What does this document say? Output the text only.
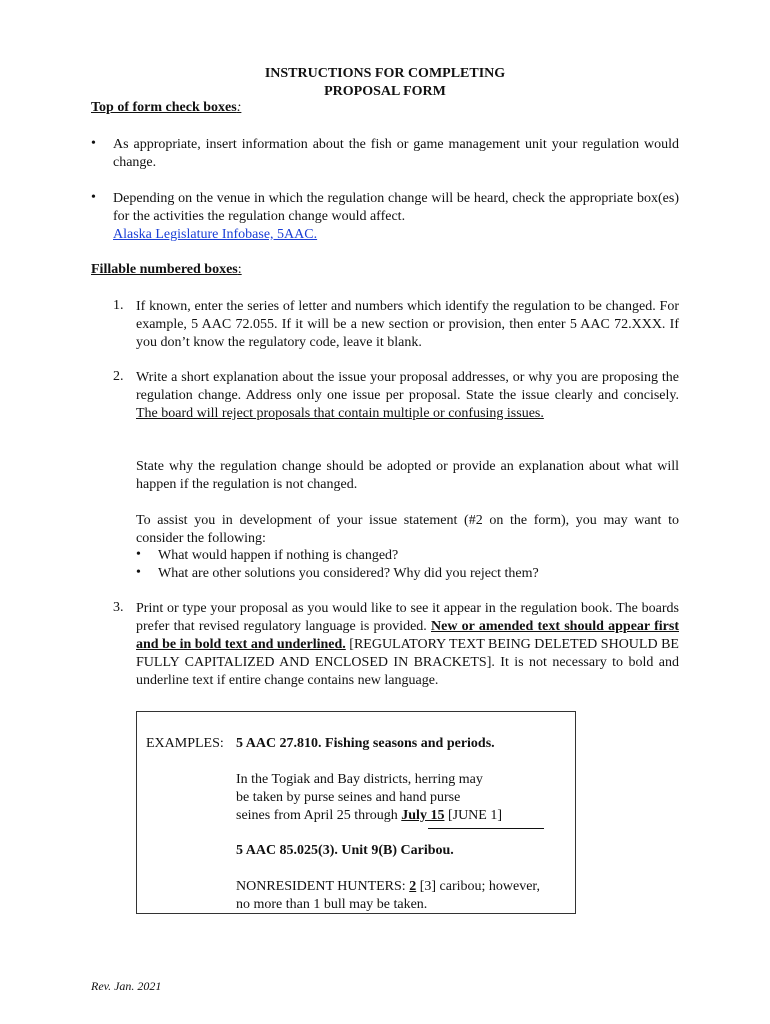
INSTRUCTIONS FOR COMPLETING
PROPOSAL FORM
Top of form check boxes:
• As appropriate, insert information about the fish or game management unit your regulation would change.
• Depending on the venue in which the regulation change will be heard, check the appropriate box(es) for the activities the regulation change would affect.
Alaska Legislature Infobase, 5AAC.
Fillable numbered boxes:
1. If known, enter the series of letter and numbers which identify the regulation to be changed. For example, 5 AAC 72.055. If it will be a new section or provision, then enter 5 AAC 72.XXX. If you don’t know the regulatory code, leave it blank.
2. Write a short explanation about the issue your proposal addresses, or why you are proposing the regulation change. Address only one issue per proposal. State the issue clearly and concisely. The board will reject proposals that contain multiple or confusing issues.
State why the regulation change should be adopted or provide an explanation about what will happen if the regulation is not changed.
To assist you in development of your issue statement (#2 on the form), you may want to consider the following:
• What would happen if nothing is changed?
• What are other solutions you considered? Why did you reject them?
3. Print or type your proposal as you would like to see it appear in the regulation book. The boards prefer that revised regulatory language is provided. New or amended text should appear first and be in bold text and underlined. [REGULATORY TEXT BEING DELETED SHOULD BE FULLY CAPITALIZED AND ENCLOSED IN BRACKETS]. It is not necessary to bold and underline text if entire change contains new language.
EXAMPLES: 5 AAC 27.810. Fishing seasons and periods.
In the Togiak and Bay districts, herring may
be taken by purse seines and hand purse
seines from April 25 through July 15 [JUNE 1]
5 AAC 85.025(3). Unit 9(B) Caribou.
NONRESIDENT HUNTERS: 2 [3] caribou; however,
no more than 1 bull may be taken.
Rev. Jan. 2021
